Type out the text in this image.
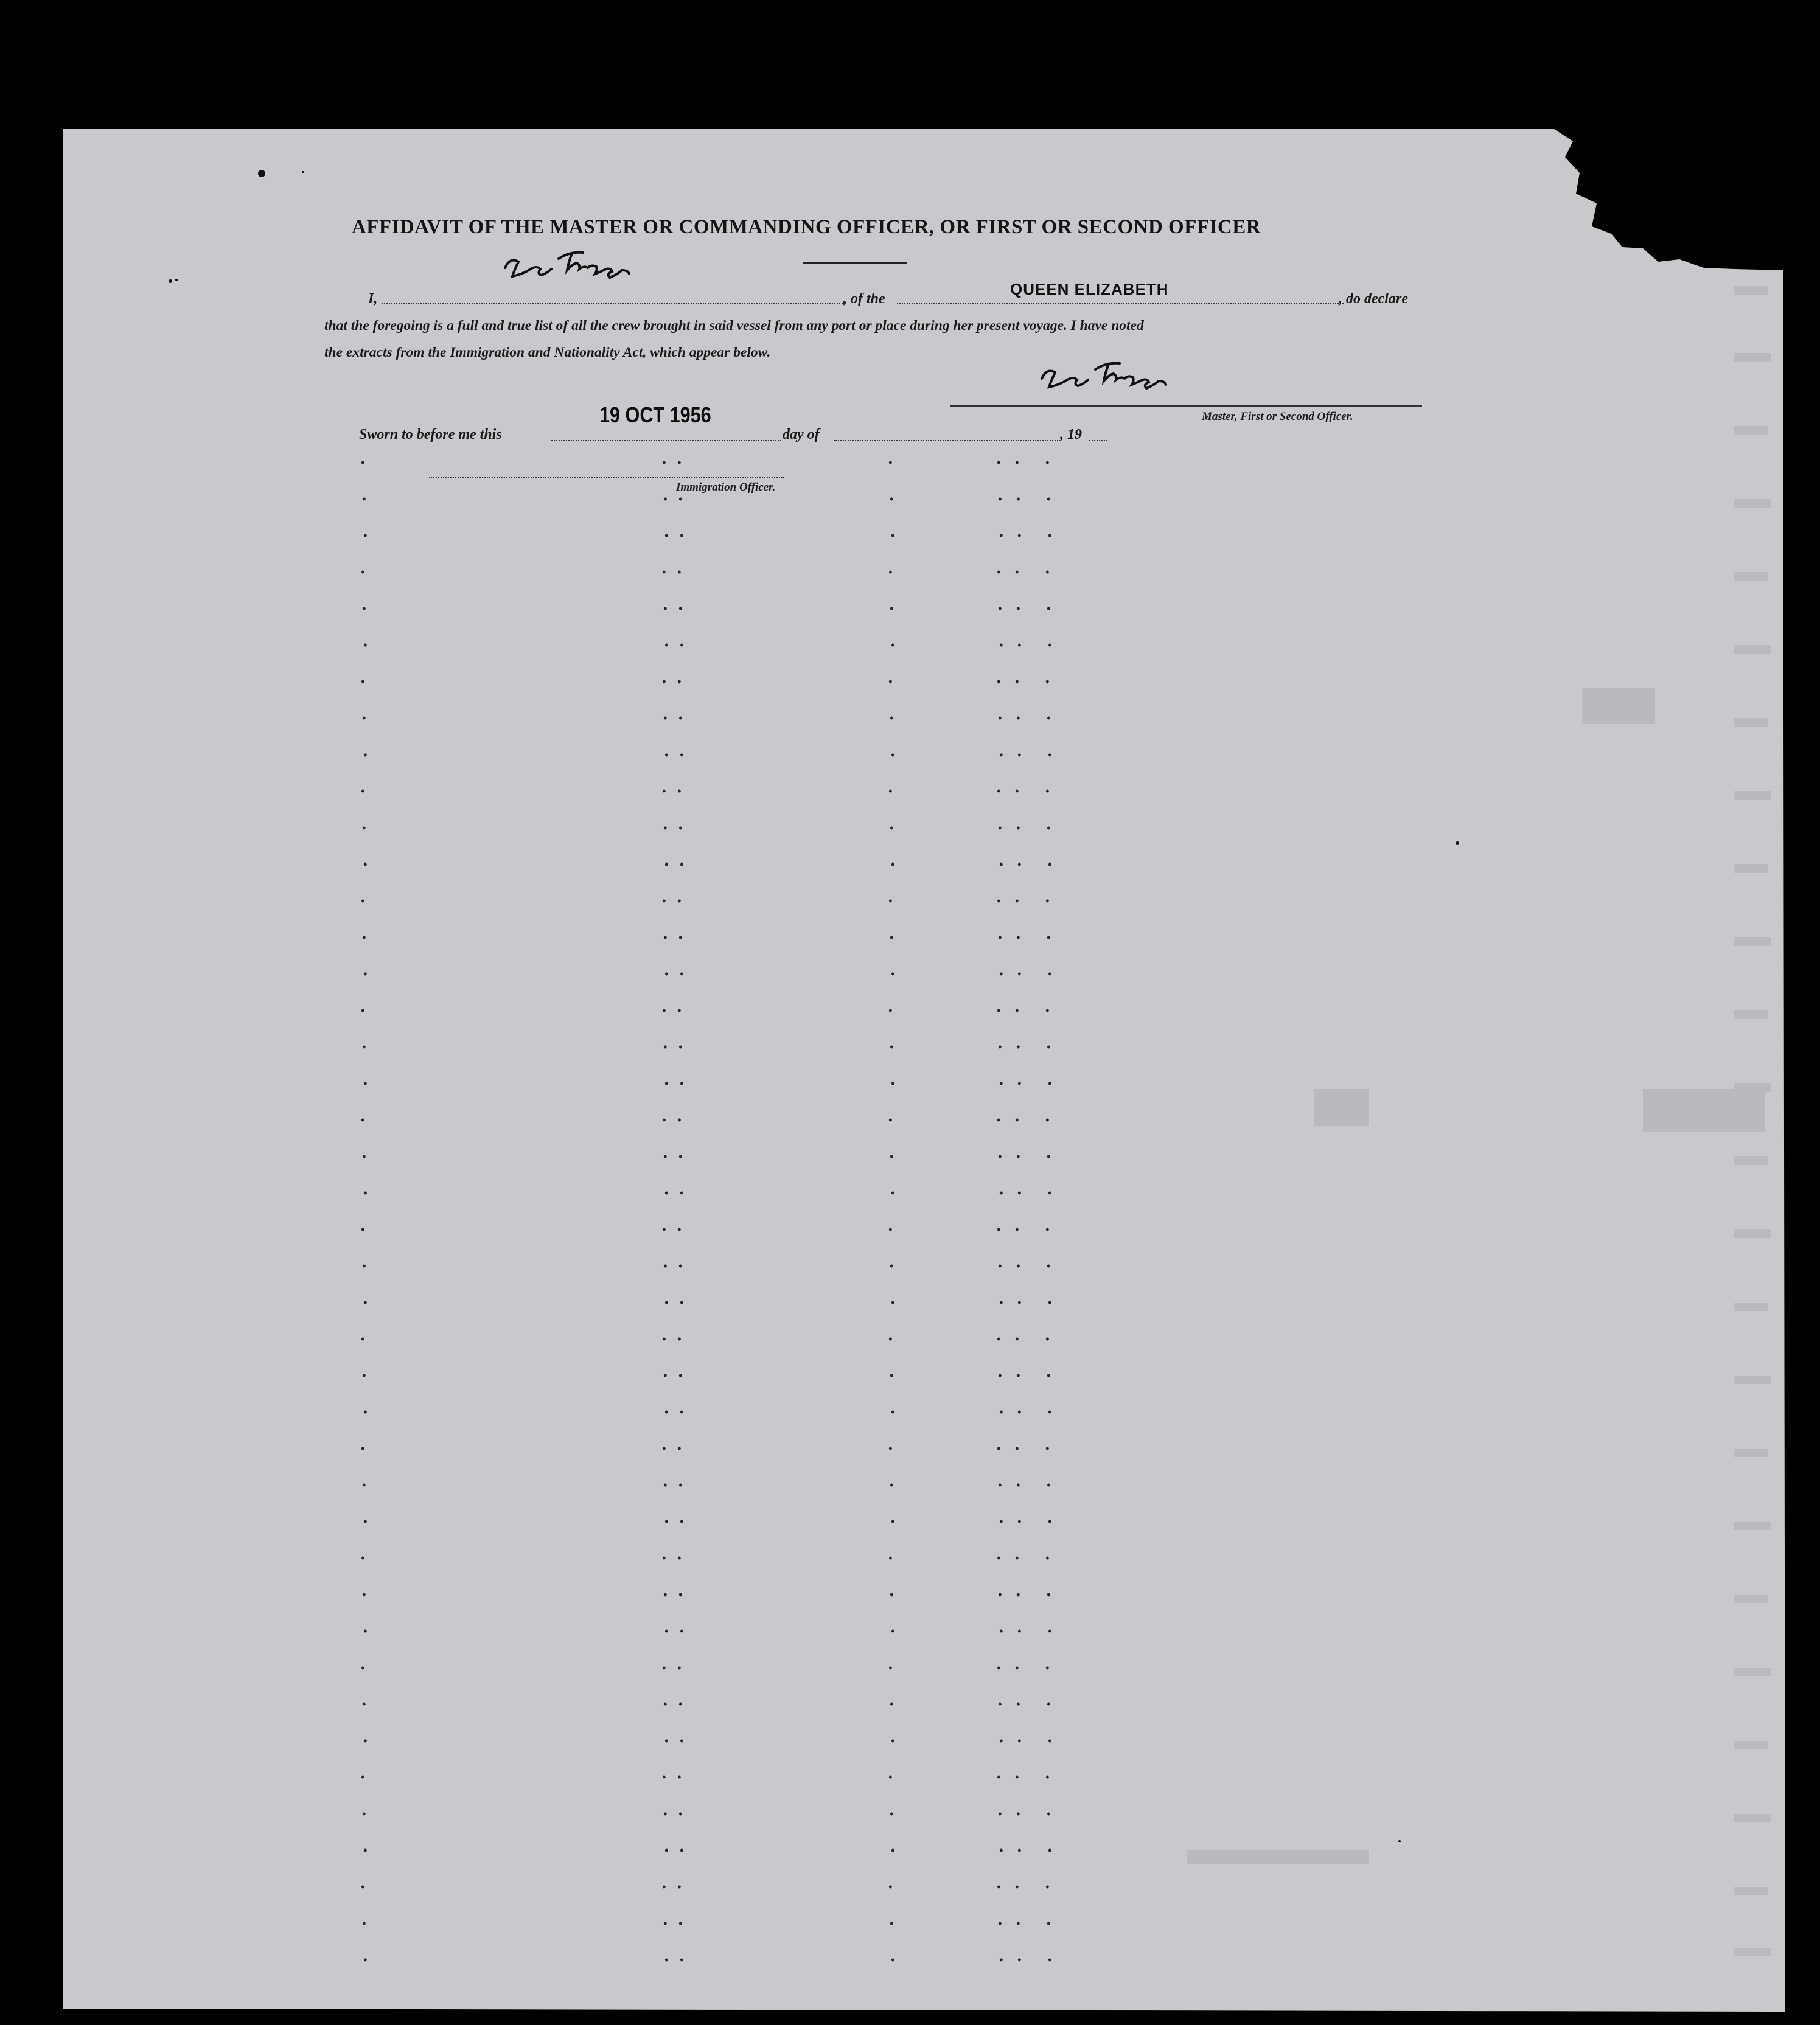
AFFIDAVIT OF THE MASTER OR COMMANDING OFFICER, OR FIRST OR SECOND OFFICER
I,	, of the
QUEEN ELIZABETH
, do declare
that the foregoing is a full and true list of all the crew brought in said vessel from any port or place during her present voyage. I have noted
the extracts from the Immigration and Nationality Act, which appear below.
Master, First or Second Officer.
19 OCT 1956
Sworn to before me this	day of	, 19
Immigration Officer.
